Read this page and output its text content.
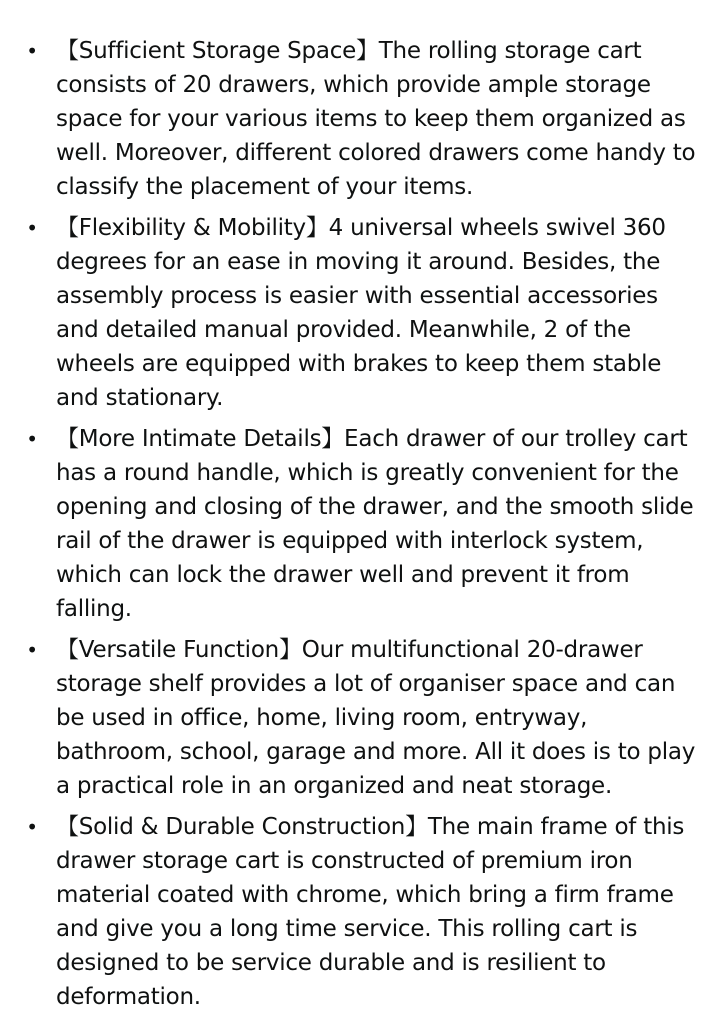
• 【Sufficient Storage Space】The rolling storage cart consists of 20 drawers, which provide ample storage space for your various items to keep them organized as well. Moreover, different colored drawers come handy to classify the placement of your items.
• 【Flexibility & Mobility】4 universal wheels swivel 360 degrees for an ease in moving it around. Besides, the assembly process is easier with essential accessories and detailed manual provided. Meanwhile, 2 of the wheels are equipped with brakes to keep them stable and stationary.
• 【More Intimate Details】Each drawer of our trolley cart has a round handle, which is greatly convenient for the opening and closing of the drawer, and the smooth slide rail of the drawer is equipped with interlock system, which can lock the drawer well and prevent it from falling.
• 【Versatile Function】Our multifunctional 20-drawer storage shelf provides a lot of organiser space and can be used in office, home, living room, entryway, bathroom, school, garage and more. All it does is to play a practical role in an organized and neat storage.
• 【Solid & Durable Construction】The main frame of this drawer storage cart is constructed of premium iron material coated with chrome, which bring a firm frame and give you a long time service. This rolling cart is designed to be service durable and is resilient to deformation.
